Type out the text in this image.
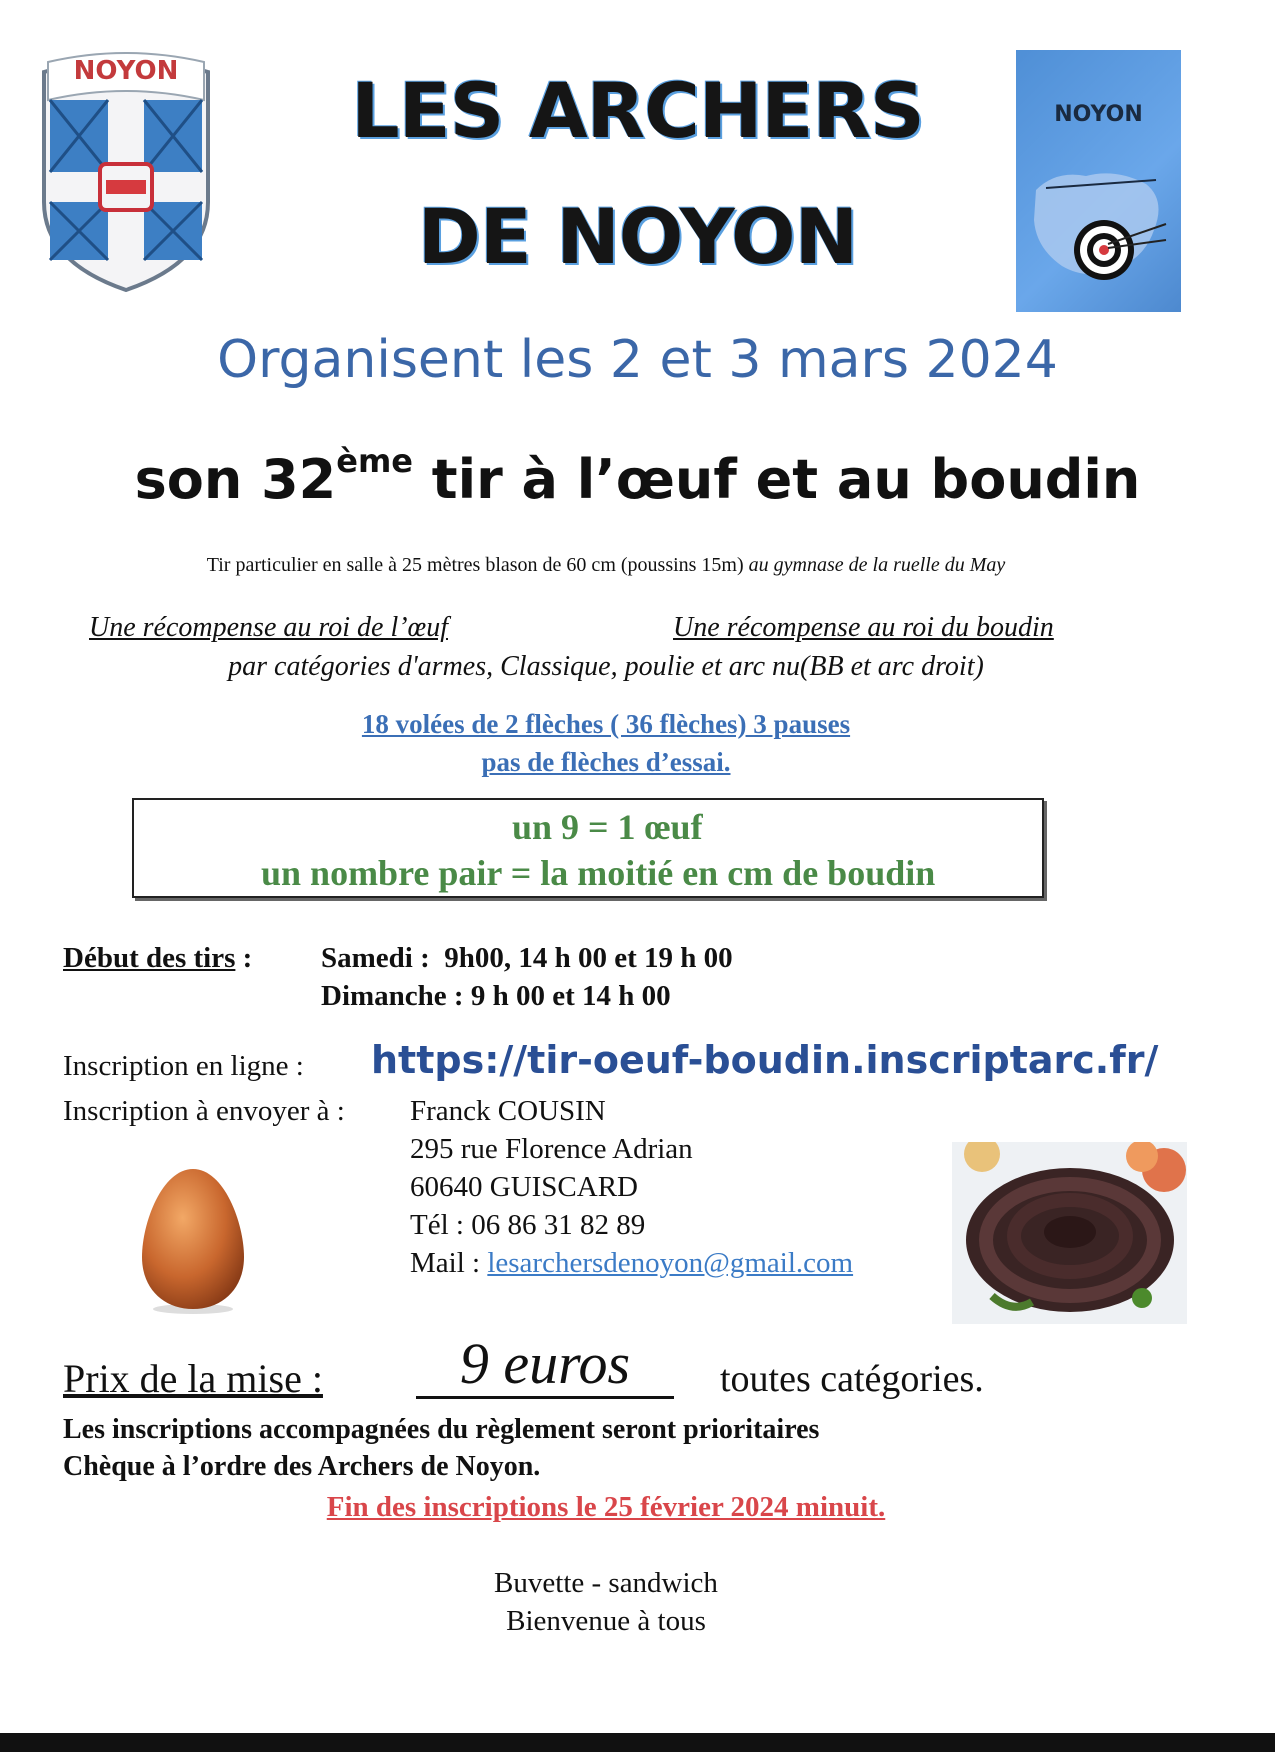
NOYON
NOYON
LES ARCHERS
DE NOYON
Organisent les 2 et 3 mars 2024
son 32ème tir à l’œuf et au boudin
Tir particulier en salle à 25 mètres blason de 60 cm (poussins 15m) au gymnase de la ruelle du May
Une récompense au roi de l’œuf	Une récompense au roi du boudin
par catégories d'armes, Classique, poulie et arc nu(BB et arc droit)
18 volées de 2 flèches ( 36 flèches) 3 pauses
pas de flèches d’essai.
un 9 = 1 œuf
un nombre pair = la moitié en cm de boudin
Début des tirs : Samedi :  9h00, 14 h 00 et 19 h 00
Dimanche : 9 h 00 et 14 h 00
Inscription en ligne : https://tir-oeuf-boudin.inscriptarc.fr/
Inscription à envoyer à : Franck COUSIN
295 rue Florence Adrian
60640 GUISCARD
Tél : 06 86 31 82 89
Mail : lesarchersdenoyon@gmail.com
Prix de la mise :	9 euros	toutes catégories.
Les inscriptions accompagnées du règlement seront prioritaires
Chèque à l’ordre des Archers de Noyon.
Fin des inscriptions le 25 février 2024 minuit.
Buvette - sandwich
Bienvenue à tous
